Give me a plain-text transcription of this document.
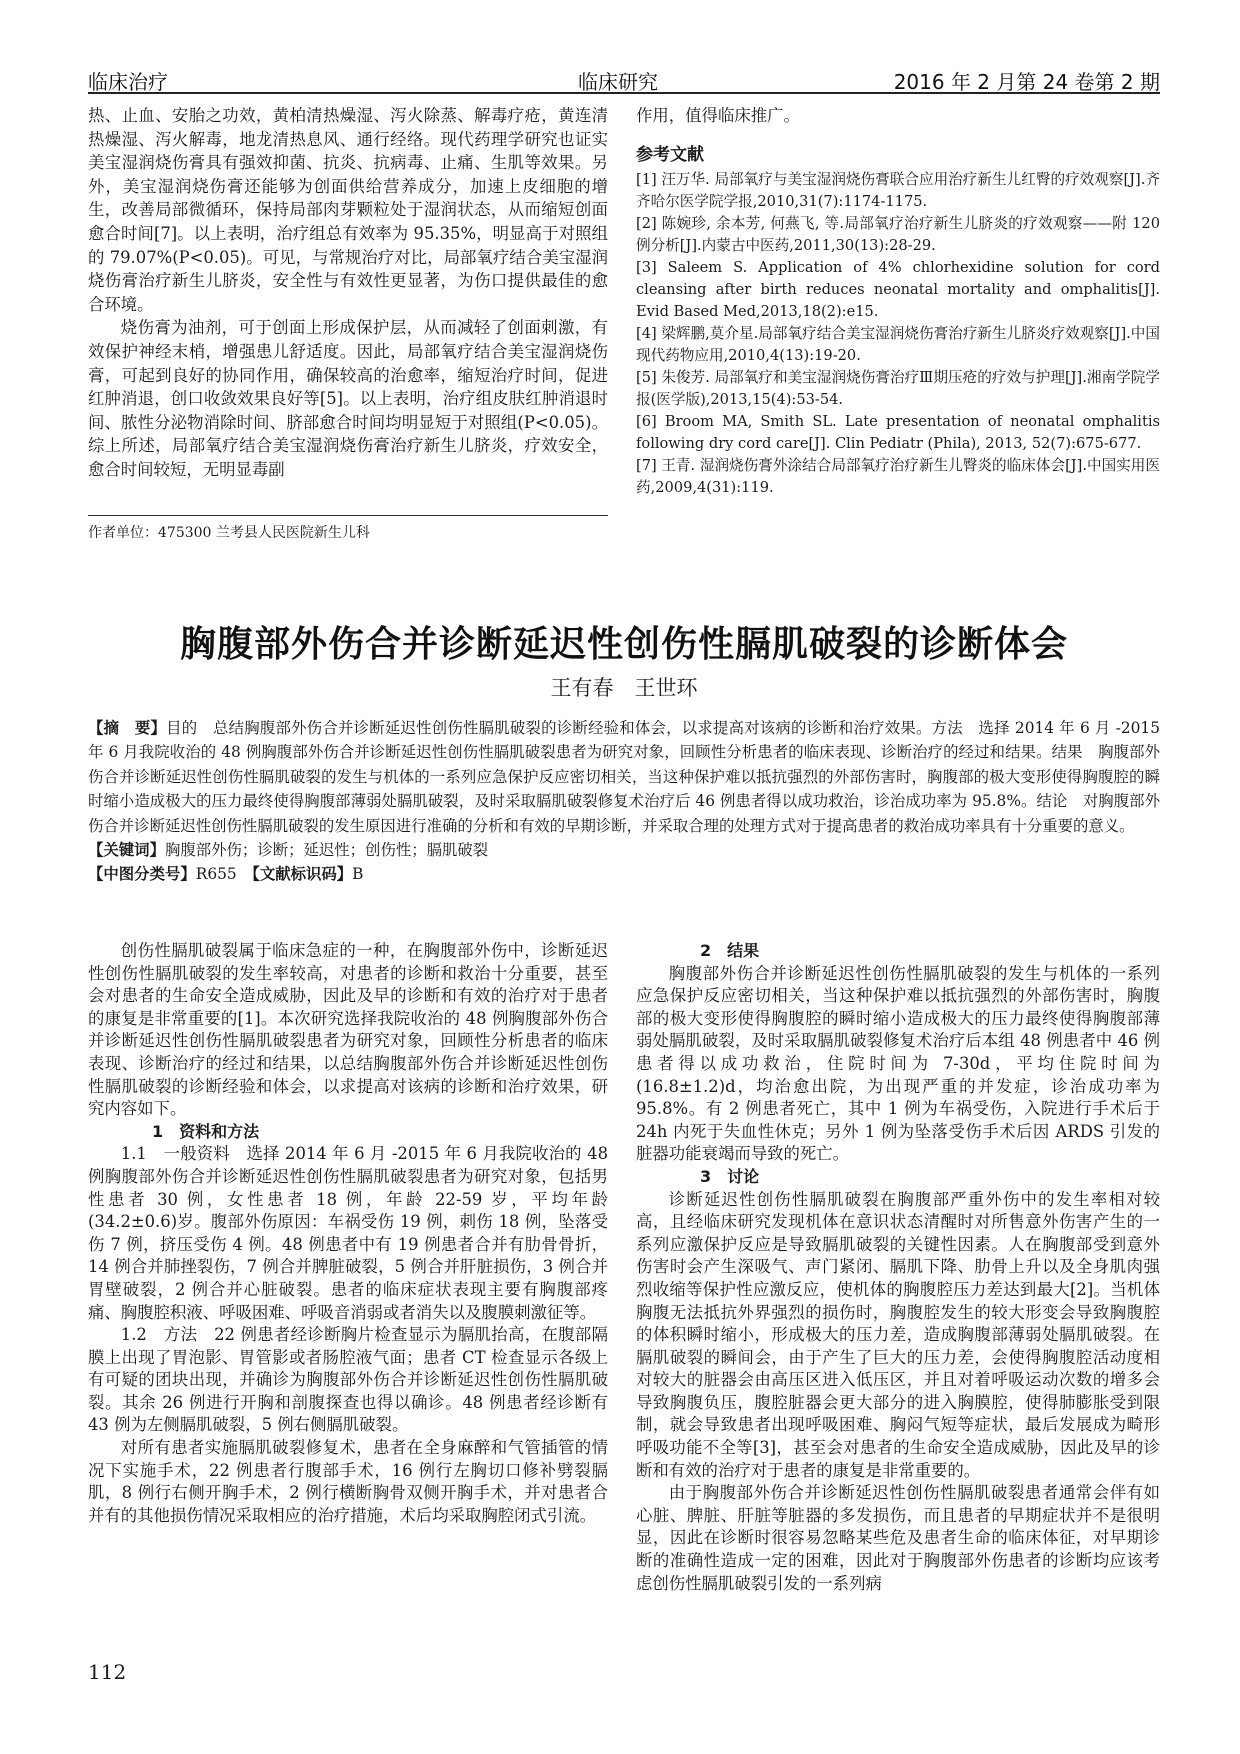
临床治疗	临床研究	2016 年 2 月第 24 卷第 2 期

热、止血、安胎之功效，黄柏清热燥湿、泻火除蒸、解毒疗疮，黄连清热燥湿、泻火解毒，地龙清热息风、通行经络。现代药理学研究也证实美宝湿润烧伤膏具有强效抑菌、抗炎、抗病毒、止痛、生肌等效果。另外，美宝湿润烧伤膏还能够为创面供给营养成分，加速上皮细胞的增生，改善局部微循环，保持局部肉芽颗粒处于湿润状态，从而缩短创面愈合时间[7]。以上表明，治疗组总有效率为 95.35%，明显高于对照组的 79.07%(P<0.05)。可见，与常规治疗对比，局部氧疗结合美宝湿润烧伤膏治疗新生儿脐炎，安全性与有效性更显著，为伤口提供最佳的愈合环境。

烧伤膏为油剂，可于创面上形成保护层，从而减轻了创面刺激，有效保护神经末梢，增强患儿舒适度。因此，局部氧疗结合美宝湿润烧伤膏，可起到良好的协同作用，确保较高的治愈率，缩短治疗时间，促进红肿消退，创口收敛效果良好等[5]。以上表明，治疗组皮肤红肿消退时间、脓性分泌物消除时间、脐部愈合时间均明显短于对照组(P<0.05)。综上所述，局部氧疗结合美宝湿润烧伤膏治疗新生儿脐炎，疗效安全，愈合时间较短，无明显毒副

作者单位：475300 兰考县人民医院新生儿科

作用，值得临床推广。

参考文献
[1] 汪万华. 局部氧疗与美宝湿润烧伤膏联合应用治疗新生儿红臀的疗效观察[J].齐齐哈尔医学院学报,2010,31(7):1174-1175.
[2] 陈婉珍, 余本芳, 何燕飞, 等.局部氧疗治疗新生儿脐炎的疗效观察——附 120 例分析[J].内蒙古中医药,2011,30(13):28-29.
[3] Saleem S. Application of 4% chlorhexidine solution for cord cleansing after birth reduces neonatal mortality and omphalitis[J]. Evid Based Med,2013,18(2):e15.
[4] 梁辉鹏,莫介星.局部氧疗结合美宝湿润烧伤膏治疗新生儿脐炎疗效观察[J].中国现代药物应用,2010,4(13):19-20.
[5] 朱俊芳. 局部氧疗和美宝湿润烧伤膏治疗Ⅲ期压疮的疗效与护理[J].湘南学院学报(医学版),2013,15(4):53-54.
[6] Broom MA, Smith SL. Late presentation of neonatal omphalitis following dry cord care[J]. Clin Pediatr (Phila), 2013, 52(7):675-677.
[7] 王青. 湿润烧伤膏外涂结合局部氧疗治疗新生儿臀炎的临床体会[J].中国实用医药,2009,4(31):119.
胸腹部外伤合并诊断延迟性创伤性膈肌破裂的诊断体会
王有春　王世环

【摘　要】目的　总结胸腹部外伤合并诊断延迟性创伤性膈肌破裂的诊断经验和体会，以求提高对该病的诊断和治疗效果。方法　选择 2014 年 6 月 -2015 年 6 月我院收治的 48 例胸腹部外伤合并诊断延迟性创伤性膈肌破裂患者为研究对象，回顾性分析患者的临床表现、诊断治疗的经过和结果。结果　胸腹部外伤合并诊断延迟性创伤性膈肌破裂的发生与机体的一系列应急保护反应密切相关，当这种保护难以抵抗强烈的外部伤害时，胸腹部的极大变形使得胸腹腔的瞬时缩小造成极大的压力最终使得胸腹部薄弱处膈肌破裂，及时采取膈肌破裂修复术治疗后 46 例患者得以成功救治，诊治成功率为 95.8%。结论　对胸腹部外伤合并诊断延迟性创伤性膈肌破裂的发生原因进行准确的分析和有效的早期诊断，并采取合理的处理方式对于提高患者的救治成功率具有十分重要的意义。

【关键词】胸腹部外伤；诊断；延迟性；创伤性；膈肌破裂

【中图分类号】R655　 【文献标识码】B

创伤性膈肌破裂属于临床急症的一种，在胸腹部外伤中，诊断延迟性创伤性膈肌破裂的发生率较高，对患者的诊断和救治十分重要，甚至会对患者的生命安全造成威胁，因此及早的诊断和有效的治疗对于患者的康复是非常重要的[1]。本次研究选择我院收治的 48 例胸腹部外伤合并诊断延迟性创伤性膈肌破裂患者为研究对象，回顾性分析患者的临床表现、诊断治疗的经过和结果，以总结胸腹部外伤合并诊断延迟性创伤性膈肌破裂的诊断经验和体会，以求提高对该病的诊断和治疗效果，研究内容如下。

1　资料和方法

1.1　一般资料　选择 2014 年 6 月 -2015 年 6 月我院收治的 48 例胸腹部外伤合并诊断延迟性创伤性膈肌破裂患者为研究对象，包括男性患者 30 例，女性患者 18 例，年龄 22-59 岁，平均年龄(34.2±0.6)岁。腹部外伤原因：车祸受伤 19 例，刺伤 18 例，坠落受伤 7 例，挤压受伤 4 例。48 例患者中有 19 例患者合并有肋骨骨折，14 例合并肺挫裂伤，7 例合并脾脏破裂，5 例合并肝脏损伤，3 例合并胃壁破裂，2 例合并心脏破裂。患者的临床症状表现主要有胸腹部疼痛、胸腹腔积液、呼吸困难、呼吸音消弱或者消失以及腹膜刺激征等。

1.2　方法　22 例患者经诊断胸片检查显示为膈肌抬高，在腹部隔膜上出现了胃泡影、胃管影或者肠腔液气面；患者 CT 检查显示各级上有可疑的团块出现，并确诊为胸腹部外伤合并诊断延迟性创伤性膈肌破裂。其余 26 例进行开胸和剖腹探查也得以确诊。48 例患者经诊断有 43 例为左侧膈肌破裂，5 例右侧膈肌破裂。

对所有患者实施膈肌破裂修复术，患者在全身麻醉和气管插管的情况下实施手术，22 例患者行腹部手术，16 例行左胸切口修补劈裂膈肌，8 例行右侧开胸手术，2 例行横断胸骨双侧开胸手术，并对患者合并有的其他损伤情况采取相应的治疗措施，术后均采取胸腔闭式引流。

2　结果

胸腹部外伤合并诊断延迟性创伤性膈肌破裂的发生与机体的一系列应急保护反应密切相关，当这种保护难以抵抗强烈的外部伤害时，胸腹部的极大变形使得胸腹腔的瞬时缩小造成极大的压力最终使得胸腹部薄弱处膈肌破裂，及时采取膈肌破裂修复术治疗后本组 48 例患者中 46 例患者得以成功救治，住院时间为 7-30d，平均住院时间为(16.8±1.2)d，均治愈出院，为出现严重的并发症，诊治成功率为 95.8%。有 2 例患者死亡，其中 1 例为车祸受伤，入院进行手术后于 24h 内死于失血性休克；另外 1 例为坠落受伤手术后因 ARDS 引发的脏器功能衰竭而导致的死亡。

3　讨论

诊断延迟性创伤性膈肌破裂在胸腹部严重外伤中的发生率相对较高，且经临床研究发现机体在意识状态清醒时对所售意外伤害产生的一系列应激保护反应是导致膈肌破裂的关键性因素。人在胸腹部受到意外伤害时会产生深吸气、声门紧闭、膈肌下降、肋骨上升以及全身肌肉强烈收缩等保护性应激反应，使机体的胸腹腔压力差达到最大[2]。当机体胸腹无法抵抗外界强烈的损伤时，胸腹腔发生的较大形变会导致胸腹腔的体积瞬时缩小，形成极大的压力差，造成胸腹部薄弱处膈肌破裂。在膈肌破裂的瞬间会，由于产生了巨大的压力差，会使得胸腹腔活动度相对较大的脏器会由高压区进入低压区，并且对着呼吸运动次数的增多会导致胸腹负压，腹腔脏器会更大部分的进入胸膜腔，使得肺膨胀受到限制，就会导致患者出现呼吸困难、胸闷气短等症状，最后发展成为畸形呼吸功能不全等[3]，甚至会对患者的生命安全造成威胁，因此及早的诊断和有效的治疗对于患者的康复是非常重要的。

由于胸腹部外伤合并诊断延迟性创伤性膈肌破裂患者通常会伴有如心脏、脾脏、肝脏等脏器的多发损伤，而且患者的早期症状并不是很明显，因此在诊断时很容易忽略某些危及患者生命的临床体征，对早期诊断的准确性造成一定的困难，因此对于胸腹部外伤患者的诊断均应该考虑创伤性膈肌破裂引发的一系列病

112
